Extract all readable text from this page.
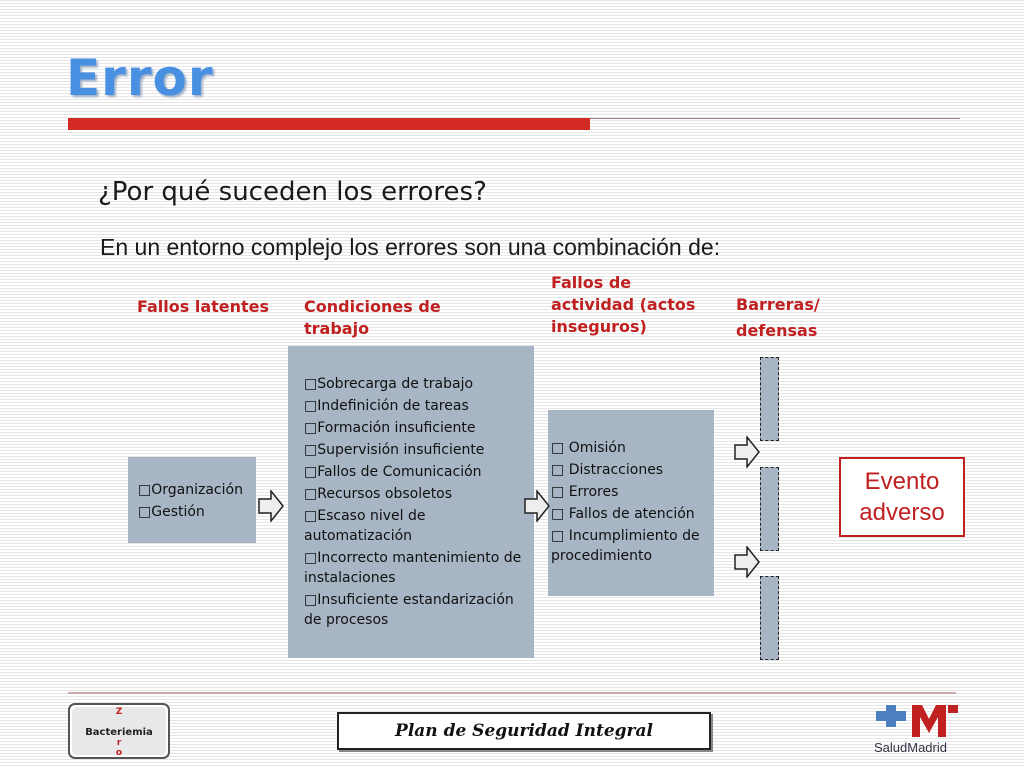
Error
¿Por qué suceden los errores?
En un entorno complejo los errores son una combinación de:
Fallos latentes	Condiciones de trabajo
Fallos de actividad (actos inseguros)
Barreras/ defensas
□Organización
□Gestión
□Sobrecarga de trabajo
□Indefinición de tareas
□Formación insuficiente
□Supervisión insuficiente
□Fallos de Comunicación
□Recursos obsoletos
□Escaso nivel de automatización
□Incorrecto mantenimiento de instalaciones
□Insuficiente estandarización de procesos
□ Omisión
□ Distracciones
□ Errores
□ Fallos de atención
□ Incumplimiento de procedimiento
Evento
adverso
Z
Bacteriemia
r
o
Plan de Seguridad Integral
SaludMadrid
